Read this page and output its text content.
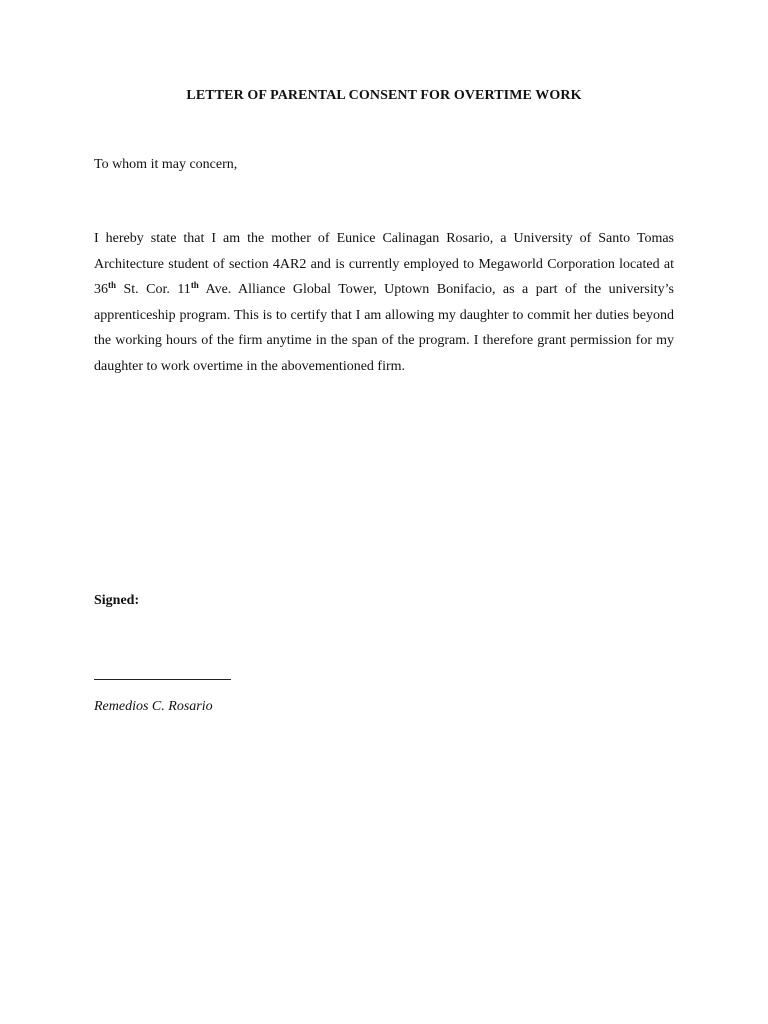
LETTER OF PARENTAL CONSENT FOR OVERTIME WORK
To whom it may concern,

I hereby state that I am the mother of Eunice Calinagan Rosario, a University of Santo Tomas Architecture student of section 4AR2 and is currently employed to Megaworld Corporation located at 36th St. Cor. 11th Ave. Alliance Global Tower, Uptown Bonifacio, as a part of the university’s apprenticeship program. This is to certify that I am allowing my daughter to commit her duties beyond the working hours of the firm anytime in the span of the program. I therefore grant permission for my daughter to work overtime in the abovementioned firm.

Signed:
Remedios C. Rosario
